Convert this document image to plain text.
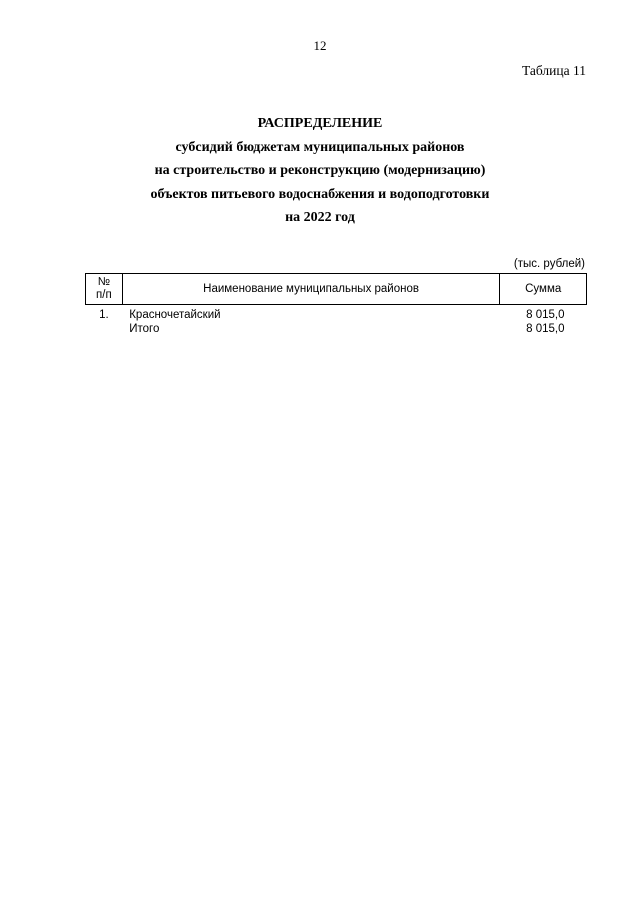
12
Таблица 11
РАСПРЕДЕЛЕНИЕ
субсидий бюджетам муниципальных районов
на строительство и реконструкцию (модернизацию)
объектов питьевого водоснабжения и водоподготовки
на 2022 год
(тыс. рублей)
№
п/п	Наименование муниципальных районов	Сумма
1.	Красночетайский	8 015,0
	Итого	8 015,0
